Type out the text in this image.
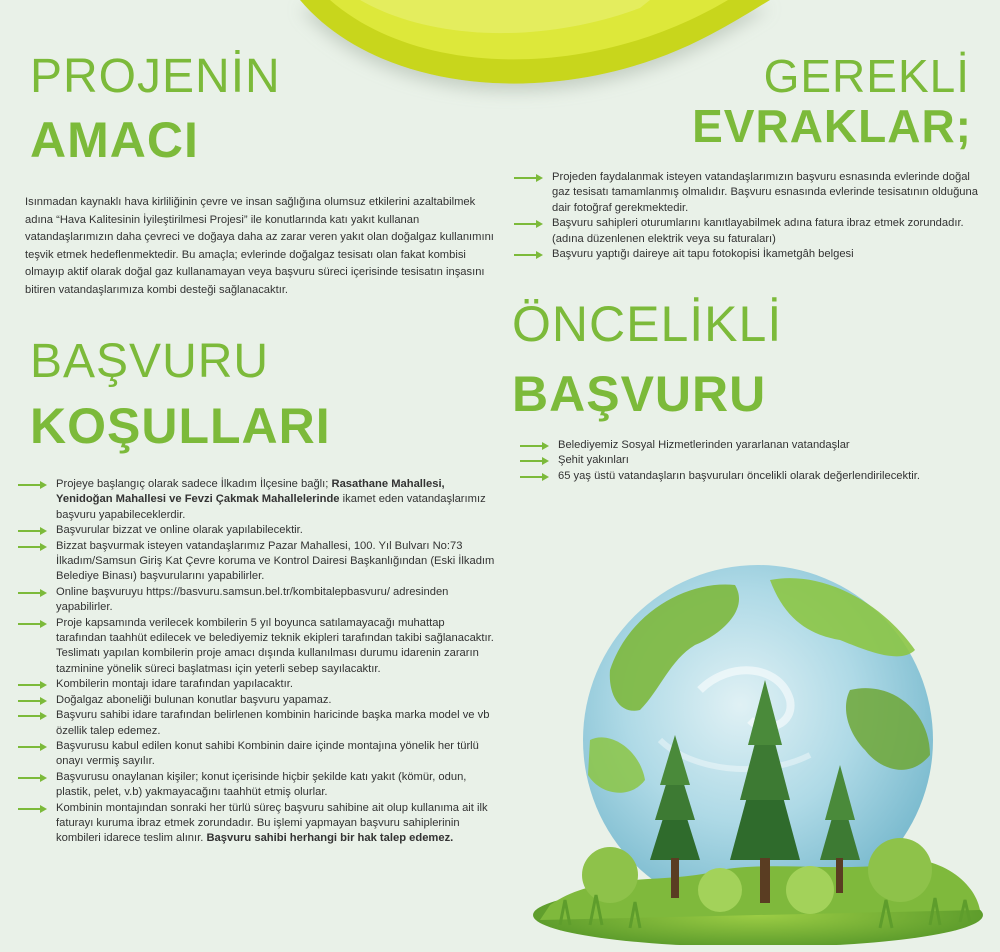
PROJENİN
AMACI
Isınmadan kaynaklı hava kirliliğinin çevre ve insan sağlığına olumsuz etkilerini azaltabilmek adına “Hava Kalitesinin İyileştirilmesi Projesi” ile konutlarında katı yakıt kullanan vatandaşlarımızın daha çevreci ve doğaya daha az zarar veren yakıt olan doğalgaz kullanımını teşvik etmek hedeflenmektedir. Bu amaçla; evlerinde doğalgaz tesisatı olan fakat kombisi olmayıp aktif olarak doğal gaz kullanamayan veya başvuru süreci içerisinde tesisatın inşasını bitiren vatandaşlarımıza kombi desteği sağlanacaktır.
BAŞVURU
KOŞULLARI
Projeye başlangıç olarak sadece İlkadım İlçesine bağlı; Rasathane Mahallesi, Yenidoğan Mahallesi ve Fevzi Çakmak Mahallelerinde ikamet eden vatandaşlarımız başvuru yapabileceklerdir.
Başvurular bizzat ve online olarak yapılabilecektir.
Bizzat başvurmak isteyen vatandaşlarımız Pazar Mahallesi, 100. Yıl Bulvarı No:73 İlkadım/Samsun Giriş Kat Çevre koruma ve Kontrol Dairesi Başkanlığından (Eski İlkadım Belediye Binası) başvurularını yapabilirler.
Online başvuruyu https://basvuru.samsun.bel.tr/kombitalepbasvuru/ adresinden yapabilirler.
Proje kapsamında verilecek kombilerin 5 yıl boyunca satılamayacağı muhattap tarafından taahhüt edilecek ve belediyemiz teknik ekipleri tarafından takibi sağlanacaktır. Teslimatı yapılan kombilerin proje amacı dışında kullanılması durumu idarenin zararın tazminine yönelik süreci başlatması için yeterli sebep sayılacaktır.
Kombilerin montajı idare tarafından yapılacaktır.
Doğalgaz aboneliği bulunan konutlar başvuru yapamaz.
Başvuru sahibi idare tarafından belirlenen kombinin haricinde başka marka model ve vb özellik talep edemez.
Başvurusu kabul edilen konut sahibi Kombinin daire içinde montajına yönelik her türlü onayı vermiş sayılır.
Başvurusu onaylanan kişiler; konut içerisinde hiçbir şekilde katı yakıt (kömür, odun, plastik, pelet, v.b) yakmayacağını taahhüt etmiş olurlar.
Kombinin montajından sonraki her türlü süreç başvuru sahibine ait olup kullanıma ait ilk faturayı kuruma ibraz etmek zorundadır. Bu işlemi yapmayan başvuru sahiplerinin kombileri idarece teslim alınır. Başvuru sahibi herhangi bir hak talep edemez.
GEREKLİ
EVRAKLAR;
Projeden faydalanmak isteyen vatandaşlarımızın başvuru esnasında evlerinde doğal gaz tesisatı tamamlanmış olmalıdır. Başvuru esnasında evlerinde tesisatının olduğuna dair fotoğraf gerekmektedir.
Başvuru sahipleri oturumlarını kanıtlayabilmek adına fatura ibraz etmek zorundadır. (adına düzenlenen elektrik veya su faturaları)
Başvuru yaptığı daireye ait tapu fotokopisi İkametgâh belgesi
ÖNCELİKLİ
BAŞVURU
Belediyemiz Sosyal Hizmetlerinden yararlanan vatandaşlar
Şehit yakınları
65 yaş üstü vatandaşların başvuruları öncelikli olarak değerlendirilecektir.
